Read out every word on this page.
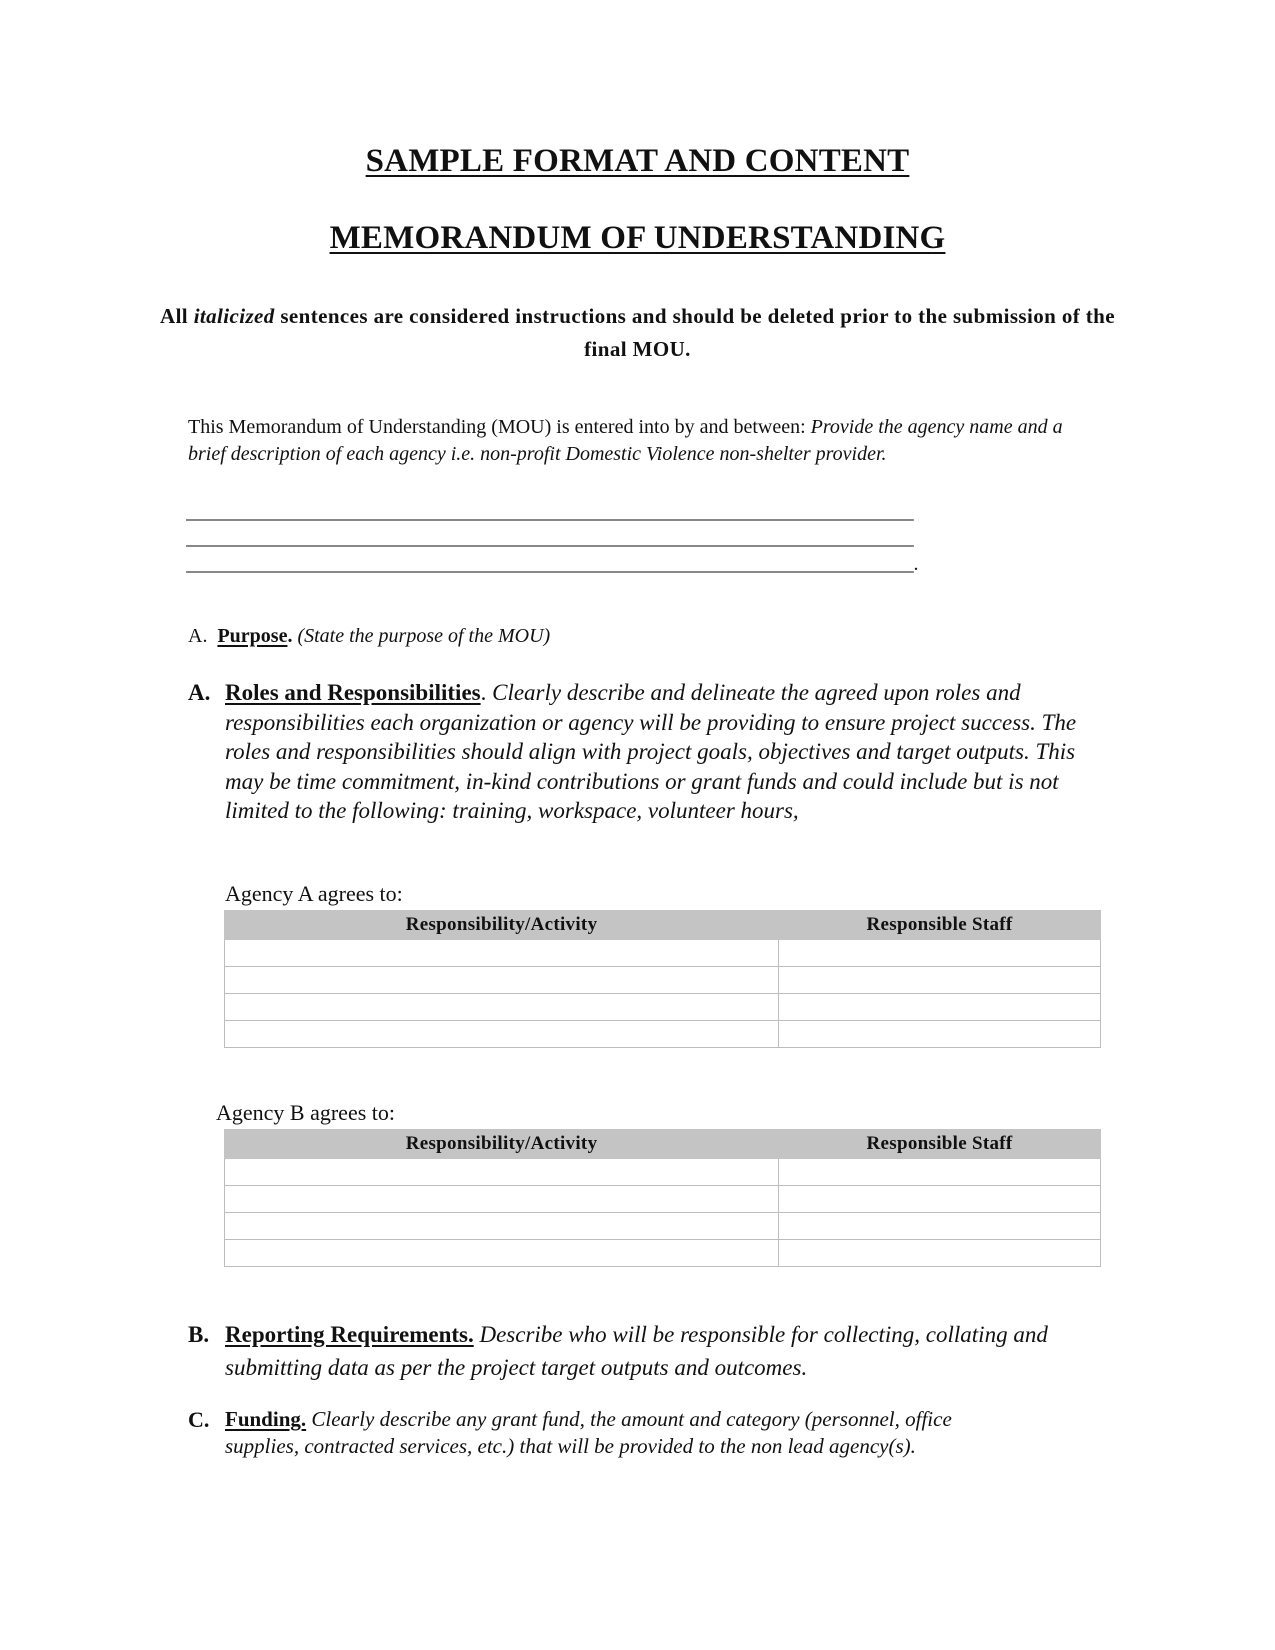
SAMPLE FORMAT AND CONTENT
MEMORANDUM OF UNDERSTANDING
All italicized sentences are considered instructions and should be deleted prior to the submission of the final MOU.
This Memorandum of Understanding (MOU) is entered into by and between: Provide the agency name and a brief description of each agency i.e. non-profit Domestic Violence non-shelter provider.
___________________________________________________________________________
___________________________________________________________________________
___________________________________________________________________________.
A. Purpose. (State the purpose of the MOU)
A. Roles and Responsibilities. Clearly describe and delineate the agreed upon roles and responsibilities each organization or agency will be providing to ensure project success. The roles and responsibilities should align with project goals, objectives and target outputs. This may be time commitment, in-kind contributions or grant funds and could include but is not limited to the following: training, workspace, volunteer hours,
Agency A agrees to:
Responsibility/Activity	Responsible Staff

Agency B agrees to:
Responsibility/Activity	Responsible Staff

B. Reporting Requirements. Describe who will be responsible for collecting, collating and submitting data as per the project target outputs and outcomes.
C. Funding. Clearly describe any grant fund, the amount and category (personnel, office supplies, contracted services, etc.) that will be provided to the non lead agency(s).
